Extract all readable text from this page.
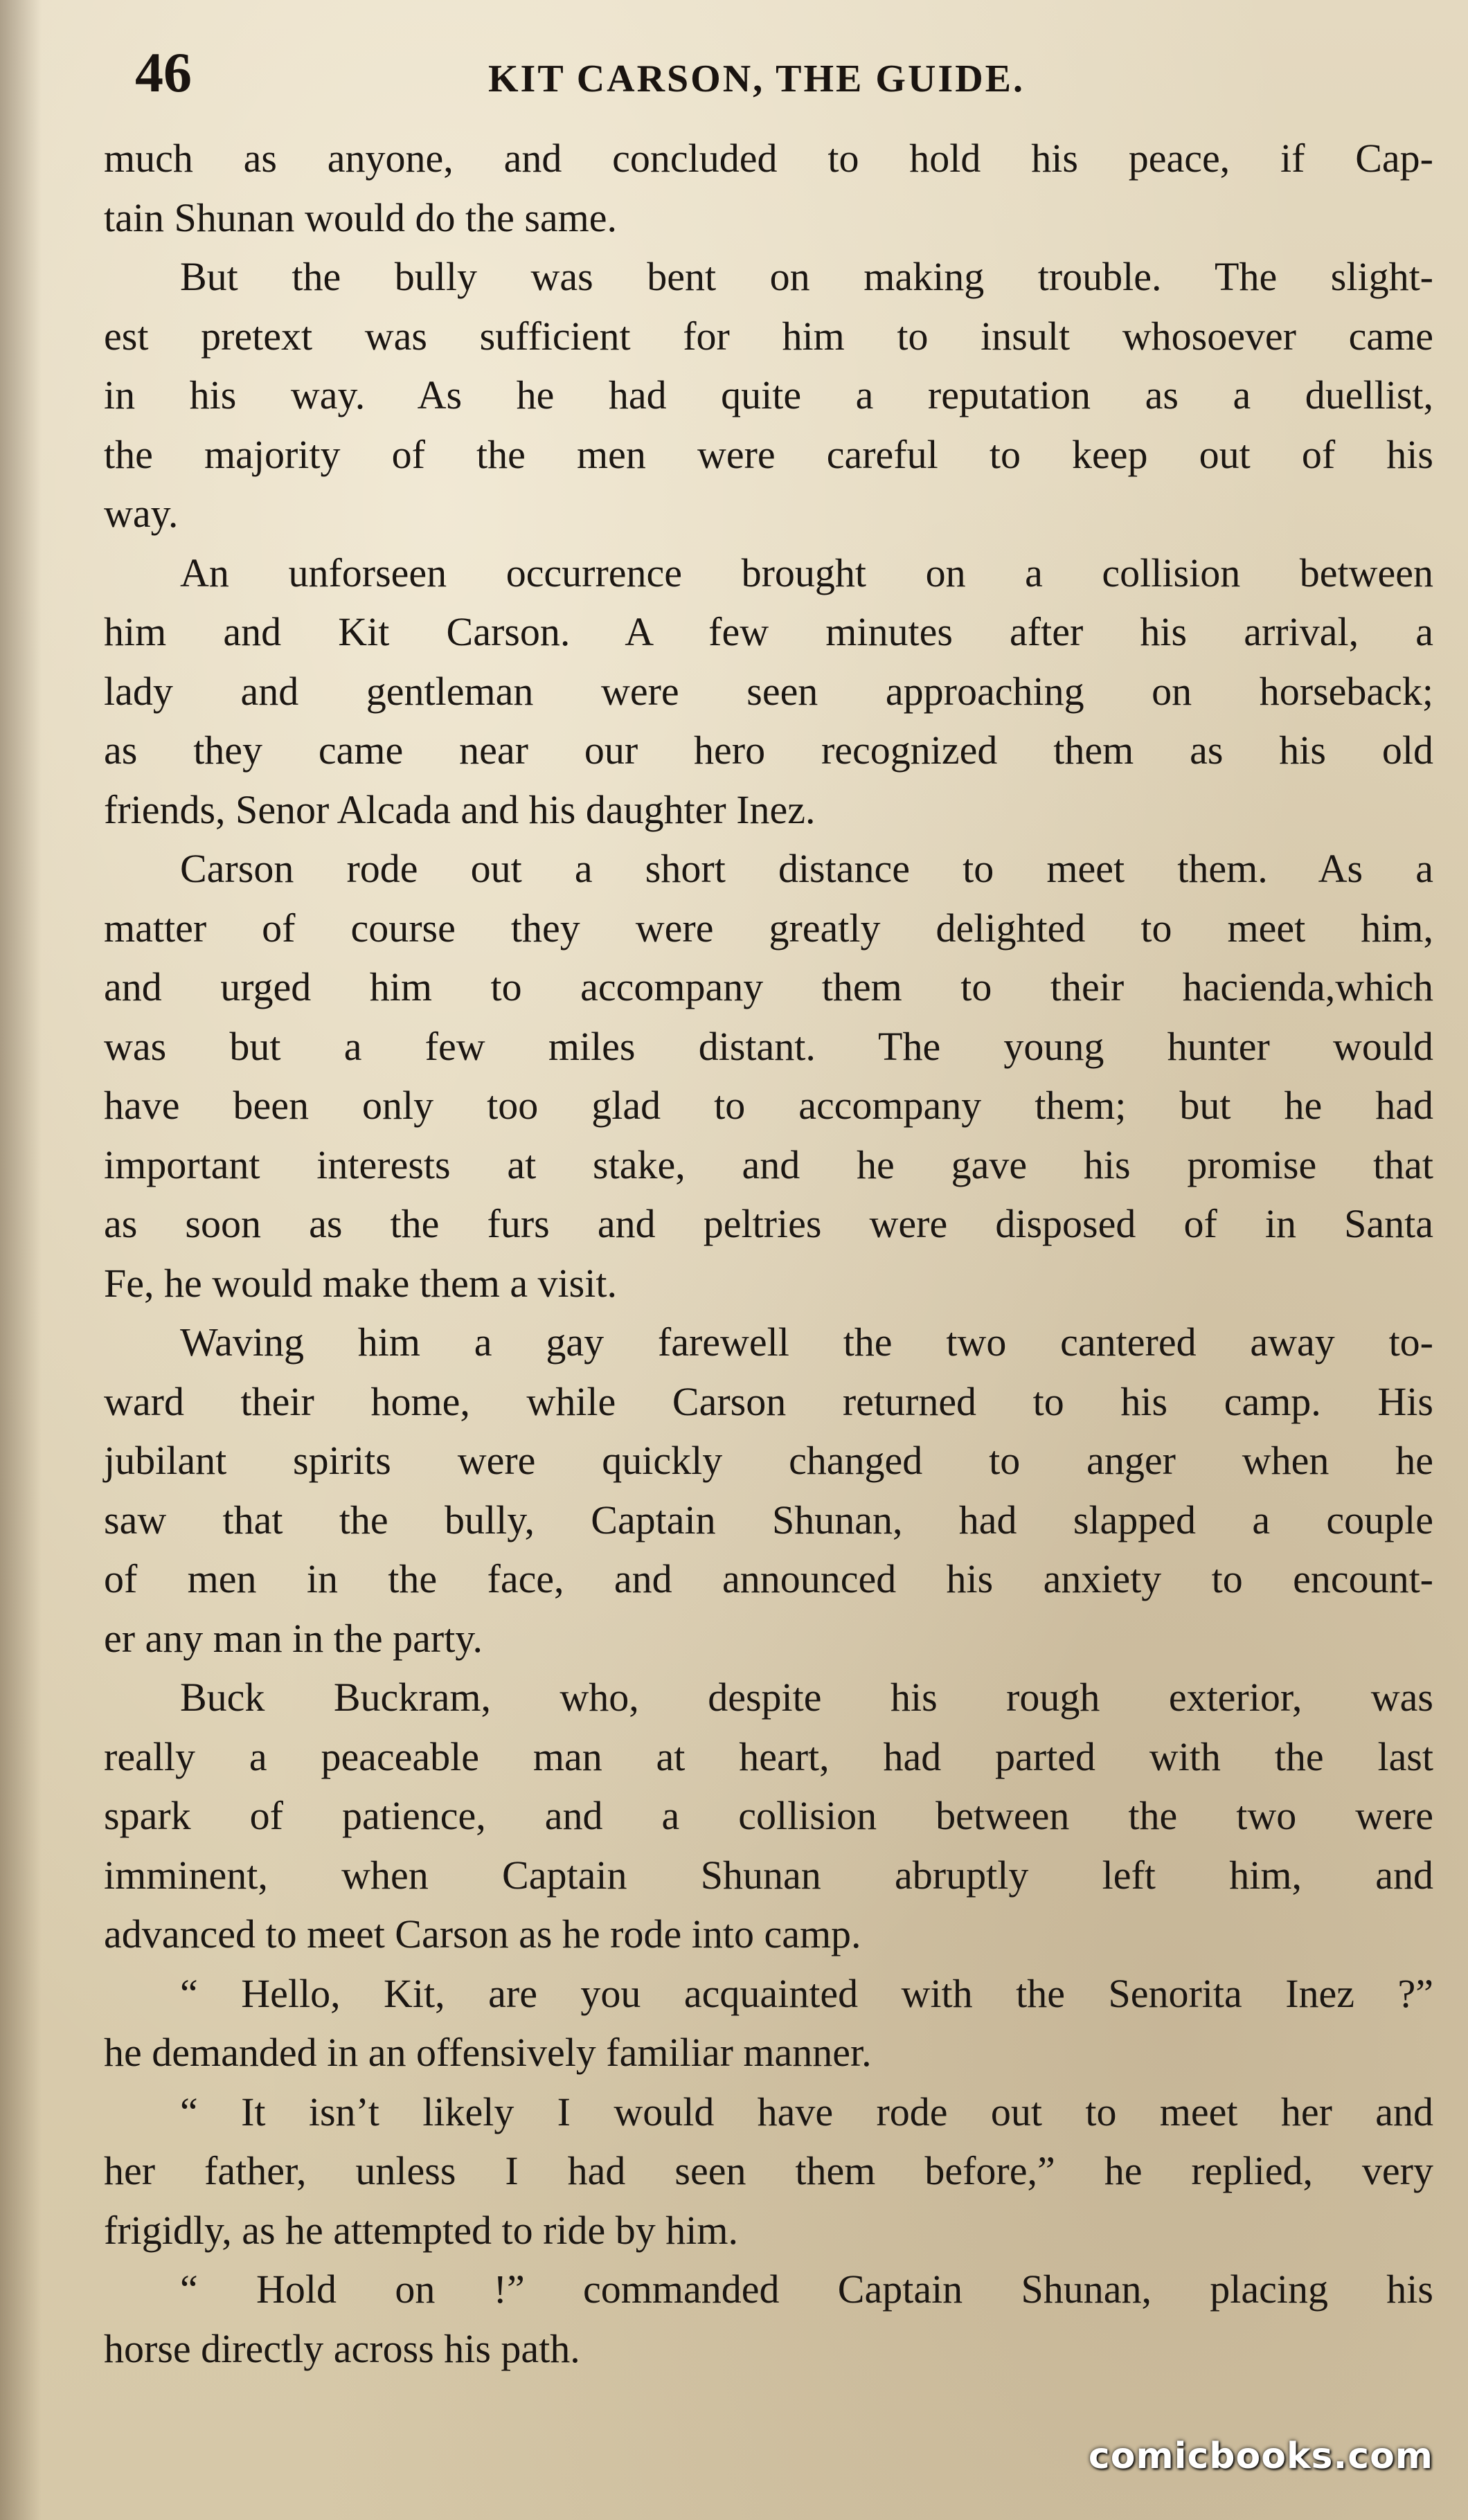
46	KIT CARSON, THE GUIDE.
much as anyone, and concluded to hold his peace, if Cap-
tain Shunan would do the same.
But the bully was bent on making trouble. The slight-
est pretext was sufficient for him to insult whosoever came
in his way. As he had quite a reputation as a duellist,
the majority of the men were careful to keep out of his
way.
An unforseen occurrence brought on a collision between
him and Kit Carson. A few minutes after his arrival, a
lady and gentleman were seen approaching on horseback;
as they came near our hero recognized them as his old
friends, Senor Alcada and his daughter Inez.
Carson rode out a short distance to meet them. As a
matter of course they were greatly delighted to meet him,
and urged him to accompany them to their hacienda,which
was but a few miles distant. The young hunter would
have been only too glad to accompany them; but he had
important interests at stake, and he gave his promise that
as soon as the furs and peltries were disposed of in Santa
Fe, he would make them a visit.
Waving him a gay farewell the two cantered away to-
ward their home, while Carson returned to his camp. His
jubilant spirits were quickly changed to anger when he
saw that the bully, Captain Shunan, had slapped a couple
of men in the face, and announced his anxiety to encount-
er any man in the party.
Buck Buckram, who, despite his rough exterior, was
really a peaceable man at heart, had parted with the last
spark of patience, and a collision between the two were
imminent, when Captain Shunan abruptly left him, and
advanced to meet Carson as he rode into camp.
“ Hello, Kit, are you acquainted with the Senorita Inez ?”
he demanded in an offensively familiar manner.
“ It isn’t likely I would have rode out to meet her and
her father, unless I had seen them before,” he replied, very
frigidly, as he attempted to ride by him.
“ Hold on !” commanded Captain Shunan, placing his
horse directly across his path.
comicbooks.com
